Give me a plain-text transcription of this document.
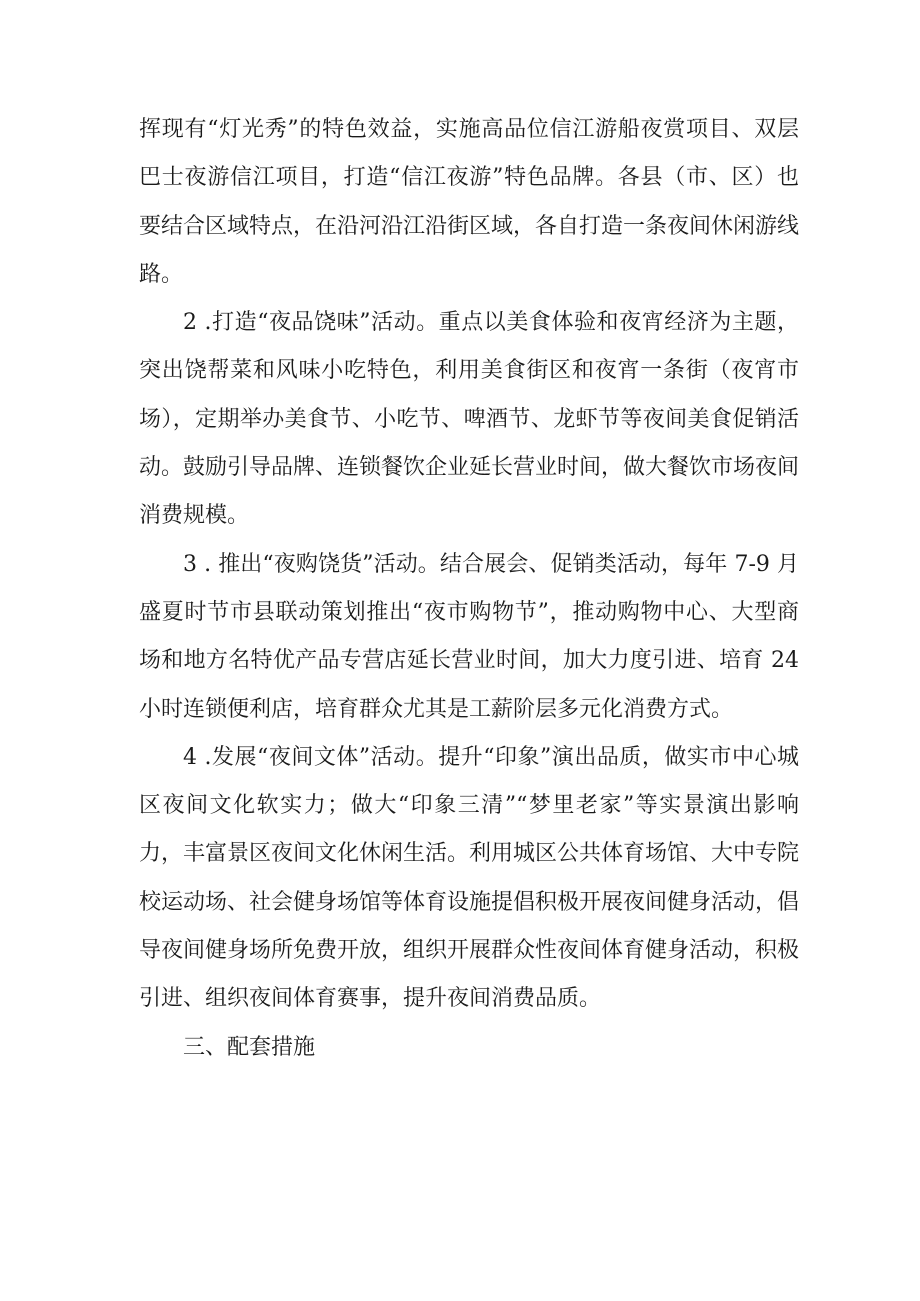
挥现有“灯光秀”的特色效益，实施高品位信江游船夜赏项目、双层巴士夜游信江项目，打造“信江夜游”特色品牌。各县（市、区）也要结合区域特点，在沿河沿江沿街区域，各自打造一条夜间休闲游线路。

2 .打造“夜品饶味”活动。重点以美食体验和夜宵经济为主题，突出饶帮菜和风味小吃特色，利用美食街区和夜宵一条街（夜宵市场），定期举办美食节、小吃节、啤酒节、龙虾节等夜间美食促销活动。鼓励引导品牌、连锁餐饮企业延长营业时间，做大餐饮市场夜间消费规模。

3 . 推出“夜购饶货”活动。结合展会、促销类活动，每年 7-9 月盛夏时节市县联动策划推出“夜市购物节”，推动购物中心、大型商场和地方名特优产品专营店延长营业时间，加大力度引进、培育 24 小时连锁便利店，培育群众尤其是工薪阶层多元化消费方式。

4 .发展“夜间文体”活动。提升“印象”演出品质，做实市中心城区夜间文化软实力；做大“印象三清”“梦里老家”等实景演出影响力，丰富景区夜间文化休闲生活。利用城区公共体育场馆、大中专院校运动场、社会健身场馆等体育设施提倡积极开展夜间健身活动，倡导夜间健身场所免费开放，组织开展群众性夜间体育健身活动，积极引进、组织夜间体育赛事，提升夜间消费品质。

三、配套措施
